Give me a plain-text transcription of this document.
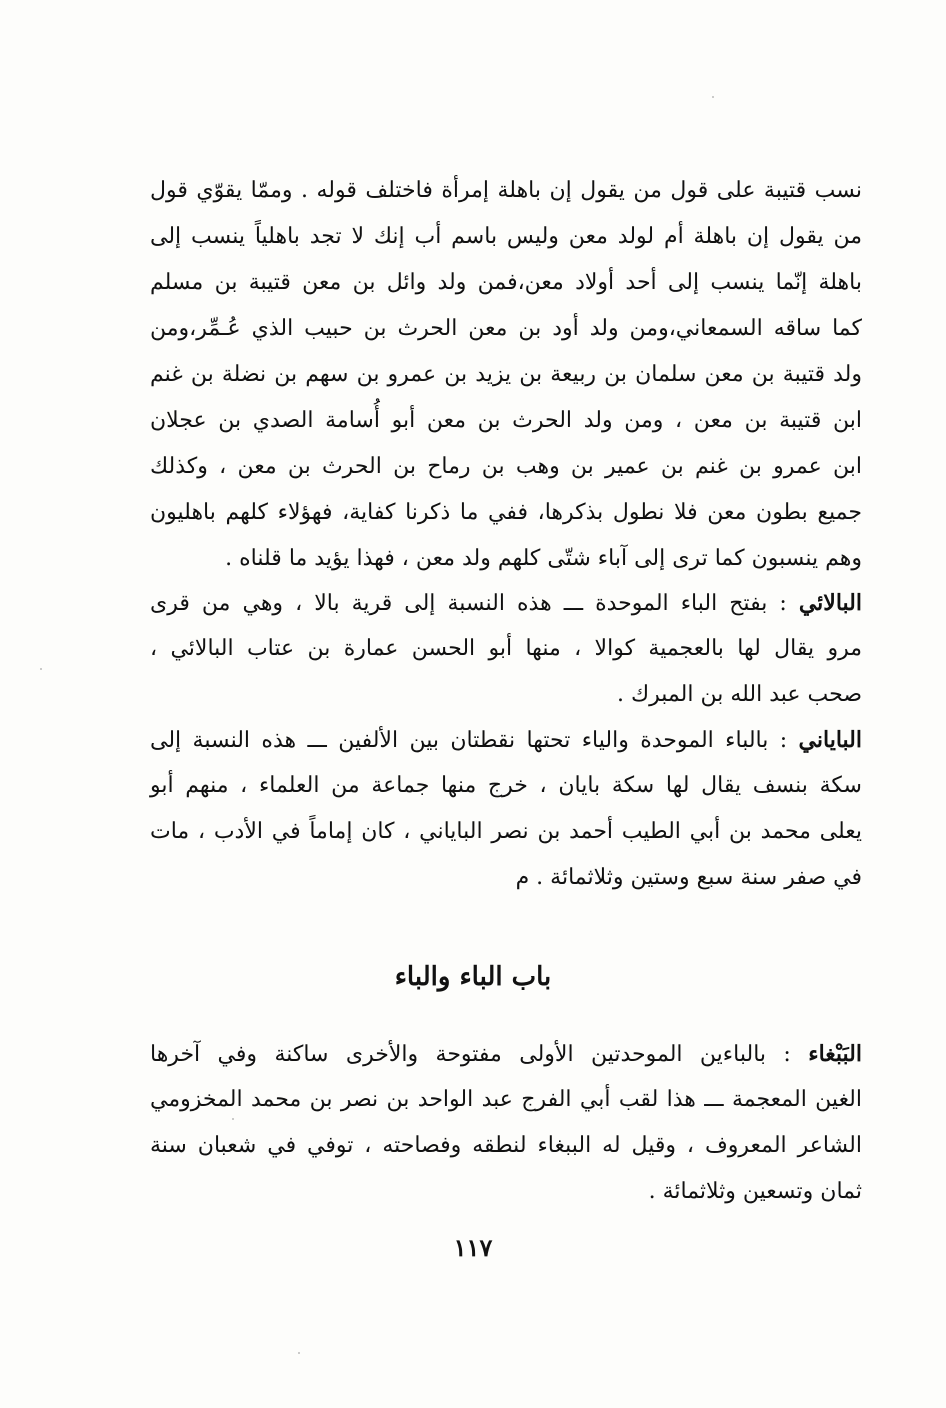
نسب قتيبة على قول من يقول إن باهلة إمرأة فاختلف قوله . وممّا يقوّي قول
من يقول إن باهلة أم لولد معن وليس باسم أب إنك لا تجد باهلياً ينسب إلى
باهلة إنّما ينسب إلى أحد أولاد معن،فمن ولد وائل بن معن قتيبة بن مسلم
كما ساقه السمعاني،ومن ولد أود بن معن الحرث بن حبيب الذي عُـمِّر،ومن
ولد قتيبة بن معن سلمان بن ربيعة بن يزيد بن عمرو بن سهم بن نضلة بن غنم
ابن قتيبة بن معن ، ومن ولد الحرث بن معن أبو أُسامة الصدي بن عجلان
ابن عمرو بن غنم بن عمير بن وهب بن رماح بن الحرث بن معن ، وكذلك
جميع بطون معن فلا نطول بذكرها، ففي ما ذكرنا كفاية، فهؤلاء كلهم باهليون
وهم ينسبون كما ترى إلى آباء شتّى كلهم ولد معن ، فهذا يؤيد ما قلناه .
البالائي : بفتح الباء الموحدة ـــ هذه النسبة إلى قرية بالا ، وهي من قرى
مرو يقال لها بالعجمية كوالا ، منها أبو الحسن عمارة بن عتاب البالائي ،
صحب عبد الله بن المبرك .
البایاني : بالباء الموحدة والياء تحتها نقطتان بين الألفين ـــ هذه النسبة إلى
سكة بنسف يقال لها سكة بايان ، خرج منها جماعة من العلماء ، منهم أبو
يعلى محمد بن أبي الطيب أحمد بن نصر البایاني ، كان إماماً في الأدب ، مات
في صفر سنة سبع وستين وثلاثمائة . م
باب الباء والباء
البَبْغاء : بالباءين الموحدتين الأولى مفتوحة والأخرى ساكنة وفي آخرها
الغين المعجمة ـــ هذا لقب أبي الفرج عبد الواحد بن نصر بن محمد المخزومي
الشاعر المعروف ، وقيل له الببغاء لنطقه وفصاحته ، توفي في شعبان سنة
ثمان وتسعين وثلاثمائة .
١١٧
